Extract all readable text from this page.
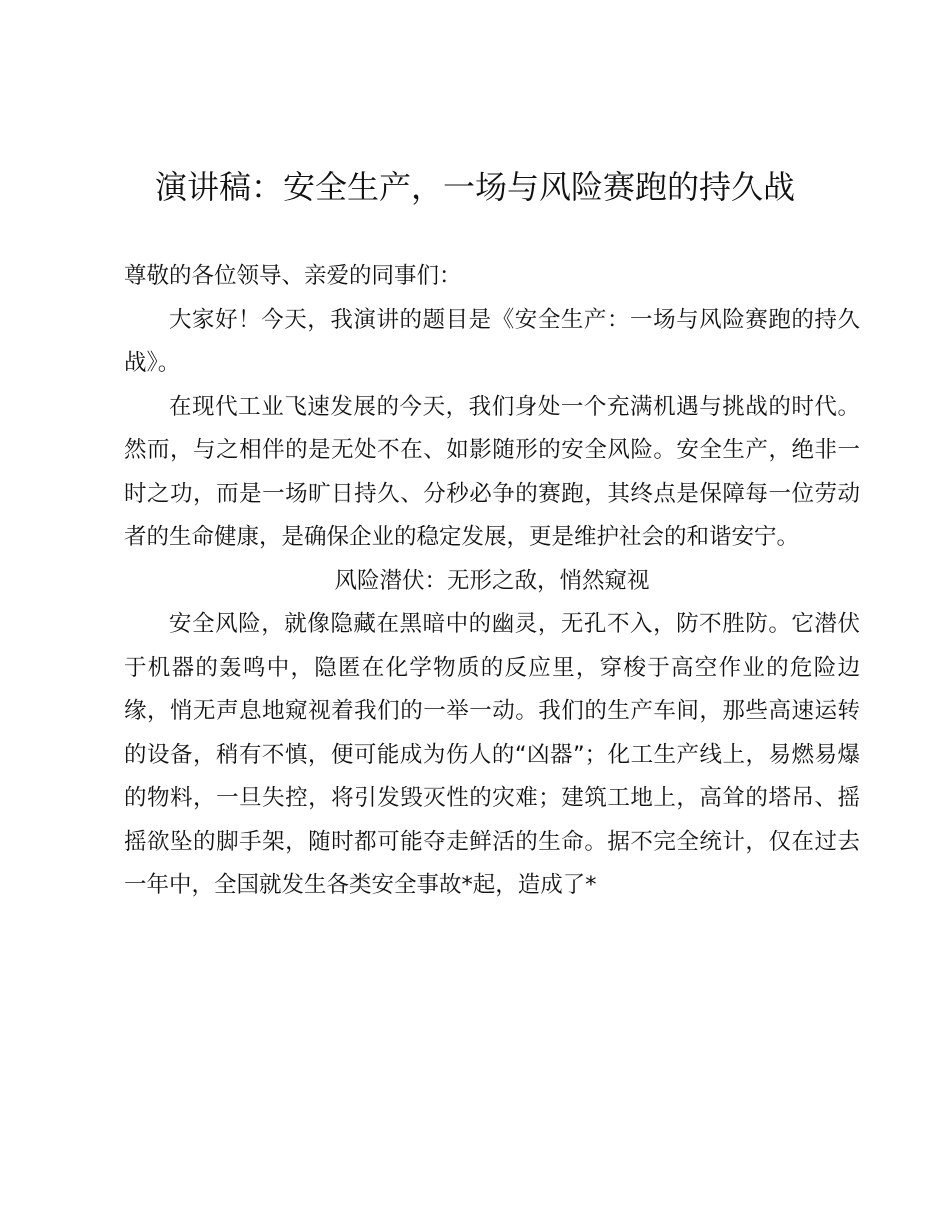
演讲稿：安全生产，一场与风险赛跑的持久战

尊敬的各位领导、亲爱的同事们：

大家好！今天，我演讲的题目是《安全生产：一场与风险赛跑的持久战》。

在现代工业飞速发展的今天，我们身处一个充满机遇与挑战的时代。然而，与之相伴的是无处不在、如影随形的安全风险。安全生产，绝非一时之功，而是一场旷日持久、分秒必争的赛跑，其终点是保障每一位劳动者的生命健康，是确保企业的稳定发展，更是维护社会的和谐安宁。

风险潜伏：无形之敌，悄然窥视

安全风险，就像隐藏在黑暗中的幽灵，无孔不入，防不胜防。它潜伏于机器的轰鸣中，隐匿在化学物质的反应里，穿梭于高空作业的危险边缘，悄无声息地窥视着我们的一举一动。我们的生产车间，那些高速运转的设备，稍有不慎，便可能成为伤人的“凶器”；化工生产线上，易燃易爆的物料，一旦失控，将引发毁灭性的灾难；建筑工地上，高耸的塔吊、摇摇欲坠的脚手架，随时都可能夺走鲜活的生命。据不完全统计，仅在过去一年中，全国就发生各类安全事故*起，造成了*
